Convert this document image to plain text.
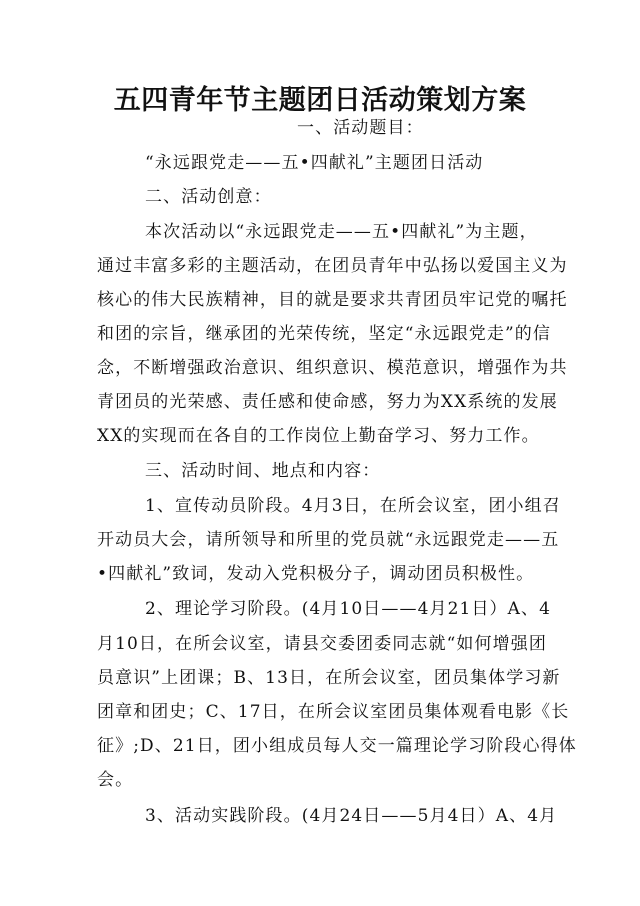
五四青年节主题团日活动策划方案
一、活动题目：
“永远跟党走——五•四献礼”主题团日活动
二、活动创意：
本次活动以“永远跟党走——五•四献礼”为主题，
通过丰富多彩的主题活动，在团员青年中弘扬以爱国主义为
核心的伟大民族精神，目的就是要求共青团员牢记党的嘱托
和团的宗旨，继承团的光荣传统，坚定“永远跟党走”的信
念，不断增强政治意识、组织意识、模范意识，增强作为共
青团员的光荣感、责任感和使命感，努力为XX系统的发展
XX的实现而在各自的工作岗位上勤奋学习、努力工作。
三、活动时间、地点和内容：
1、宣传动员阶段。4月3日，在所会议室，团小组召
开动员大会，请所领导和所里的党员就“永远跟党走——五
•四献礼”致词，发动入党积极分子，调动团员积极性。
2、理论学习阶段。(4月10日——4月21日）A、4
月10日，在所会议室，请县交委团委同志就“如何增强团
员意识”上团课；B、13日，在所会议室，团员集体学习新
团章和团史；C、17日，在所会议室团员集体观看电影《长
征》;D、21日，团小组成员每人交一篇理论学习阶段心得体
会。
3、活动实践阶段。(4月24日——5月4日）A、4月
